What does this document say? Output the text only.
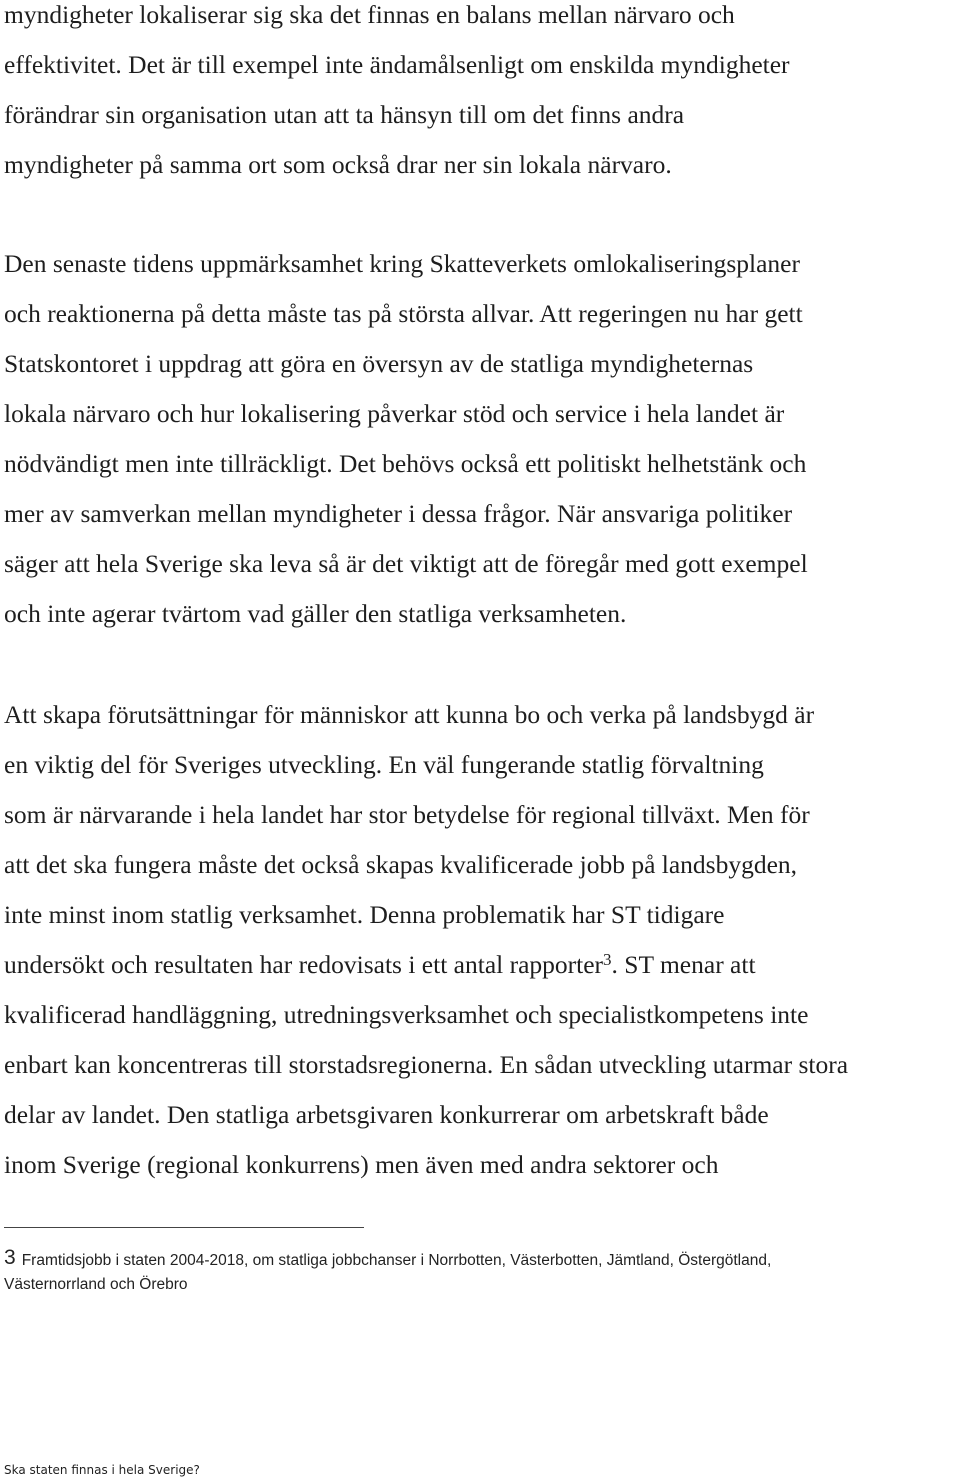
myndigheter lokaliserar sig ska det finnas en balans mellan närvaro och
effektivitet. Det är till exempel inte ändamålsenligt om enskilda myndigheter
förändrar sin organisation utan att ta hänsyn till om det finns andra
myndigheter på samma ort som också drar ner sin lokala närvaro.
Den senaste tidens uppmärksamhet kring Skatteverkets omlokaliseringsplaner
och reaktionerna på detta måste tas på största allvar. Att regeringen nu har gett
Statskontoret i uppdrag att göra en översyn av de statliga myndigheternas
lokala närvaro och hur lokalisering påverkar stöd och service i hela landet är
nödvändigt men inte tillräckligt. Det behövs också ett politiskt helhetstänk och
mer av samverkan mellan myndigheter i dessa frågor. När ansvariga politiker
säger att hela Sverige ska leva så är det viktigt att de föregår med gott exempel
och inte agerar tvärtom vad gäller den statliga verksamheten.
Att skapa förutsättningar för människor att kunna bo och verka på landsbygd är
en viktig del för Sveriges utveckling. En väl fungerande statlig förvaltning
som är närvarande i hela landet har stor betydelse för regional tillväxt. Men för
att det ska fungera måste det också skapas kvalificerade jobb på landsbygden,
inte minst inom statlig verksamhet. Denna problematik har ST tidigare
undersökt och resultaten har redovisats i ett antal rapporter$^3$. ST menar att
kvalificerad handläggning, utredningsverksamhet och specialistkompetens inte
enbart kan koncentreras till storstadsregionerna. En sådan utveckling utarmar stora
delar av landet. Den statliga arbetsgivaren konkurrerar om arbetskraft både
inom Sverige (regional konkurrens) men även med andra sektorer och
3 Framtidsjobb i staten 2004-2018, om statliga jobbchanser i Norrbotten, Västerbotten, Jämtland, Östergötland,
Västernorrland och Örebro
Ska staten finnas i hela Sverige?
